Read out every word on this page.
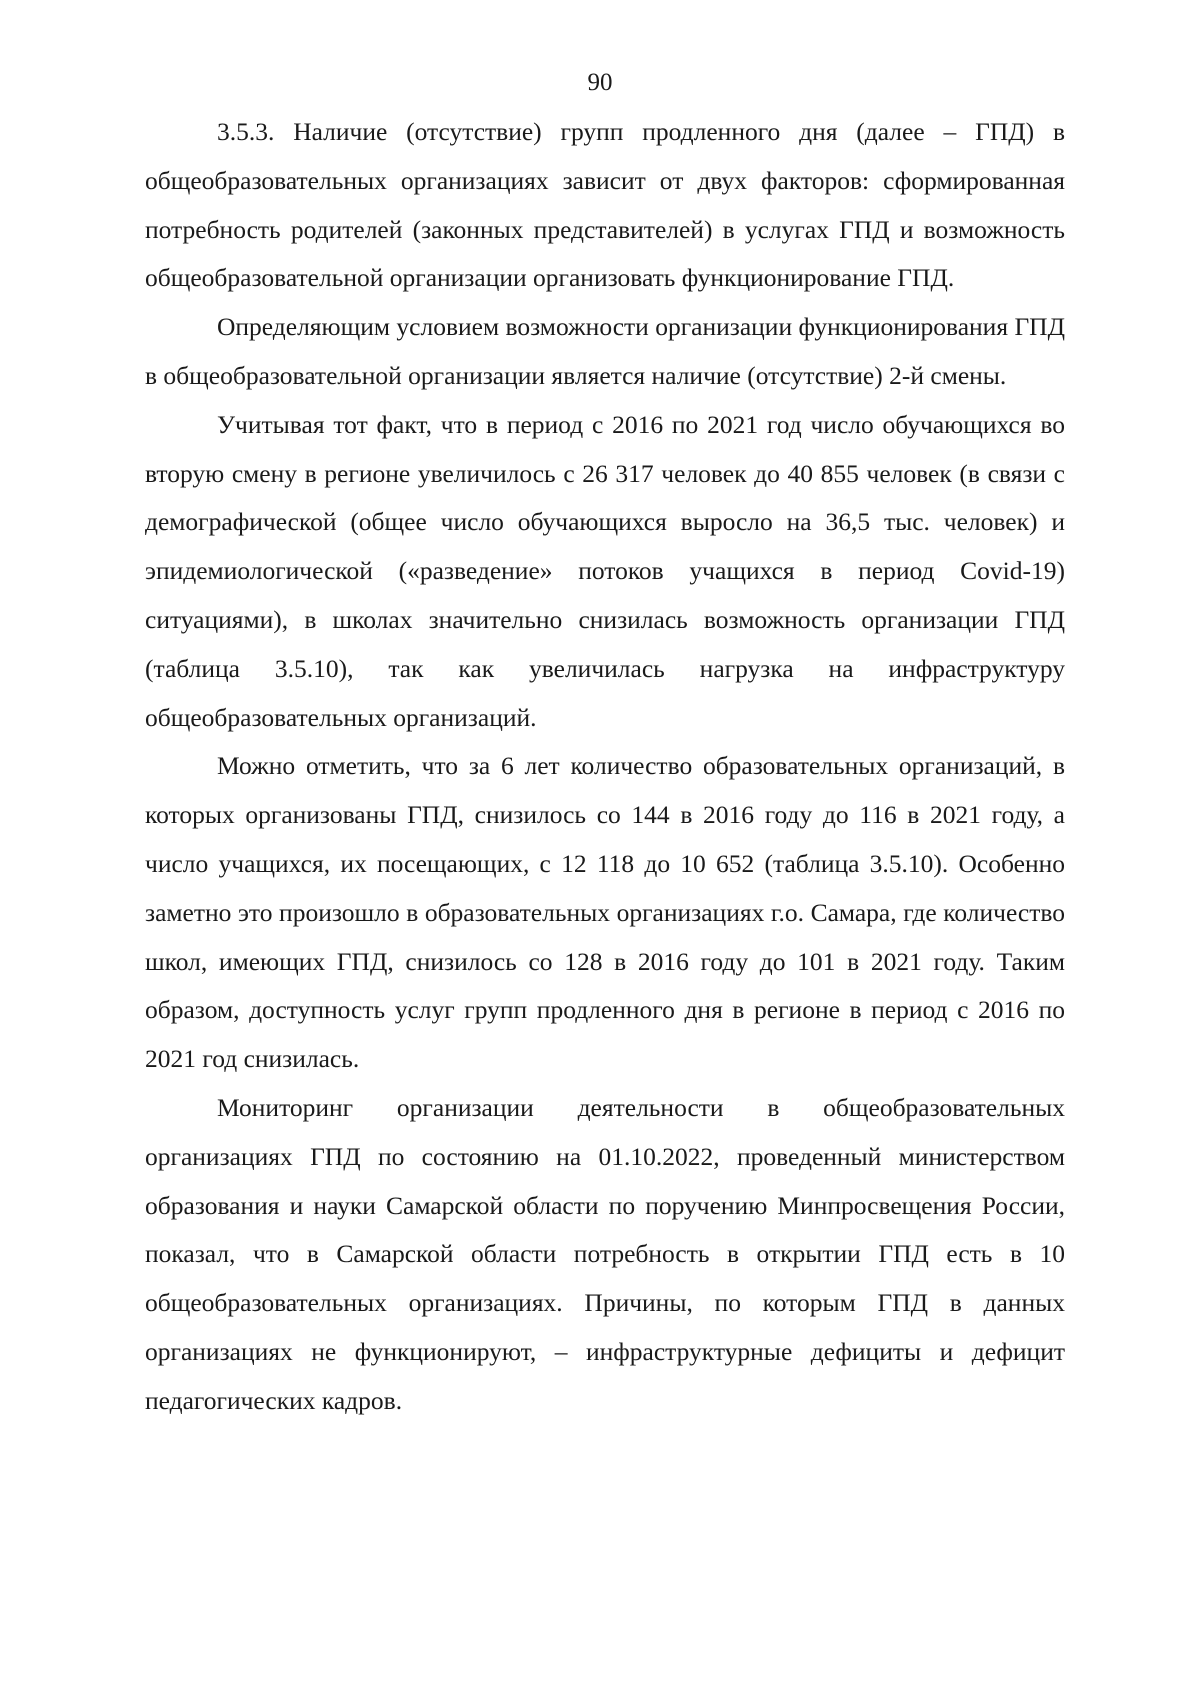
90

3.5.3. Наличие (отсутствие) групп продленного дня (далее – ГПД) в общеобразовательных организациях зависит от двух факторов: сформированная потребность родителей (законных представителей) в услугах ГПД и возможность общеобразовательной организации организовать функционирование ГПД.

Определяющим условием возможности организации функционирования ГПД в общеобразовательной организации является наличие (отсутствие) 2-й смены.

Учитывая тот факт, что в период с 2016 по 2021 год число обучающихся во вторую смену в регионе увеличилось с 26 317 человек до 40 855 человек (в связи с демографической (общее число обучающихся выросло на 36,5 тыс. человек) и эпидемиологической («разведение» потоков учащихся в период Covid-19) ситуациями), в школах значительно снизилась возможность организации ГПД (таблица 3.5.10), так как увеличилась нагрузка на инфраструктуру общеобразовательных организаций.

Можно отметить, что за 6 лет количество образовательных организаций, в которых организованы ГПД, снизилось со 144 в 2016 году до 116 в 2021 году, а число учащихся, их посещающих, с 12 118 до 10 652 (таблица 3.5.10). Особенно заметно это произошло в образовательных организациях г.о. Самара, где количество школ, имеющих ГПД, снизилось со 128 в 2016 году до 101 в 2021 году. Таким образом, доступность услуг групп продленного дня в регионе в период с 2016 по 2021 год снизилась.

Мониторинг организации деятельности в общеобразовательных организациях ГПД по состоянию на 01.10.2022, проведенный министерством образования и науки Самарской области по поручению Минпросвещения России, показал, что в Самарской области потребность в открытии ГПД есть в 10 общеобразовательных организациях. Причины, по которым ГПД в данных организациях не функционируют, – инфраструктурные дефициты и дефицит педагогических кадров.
